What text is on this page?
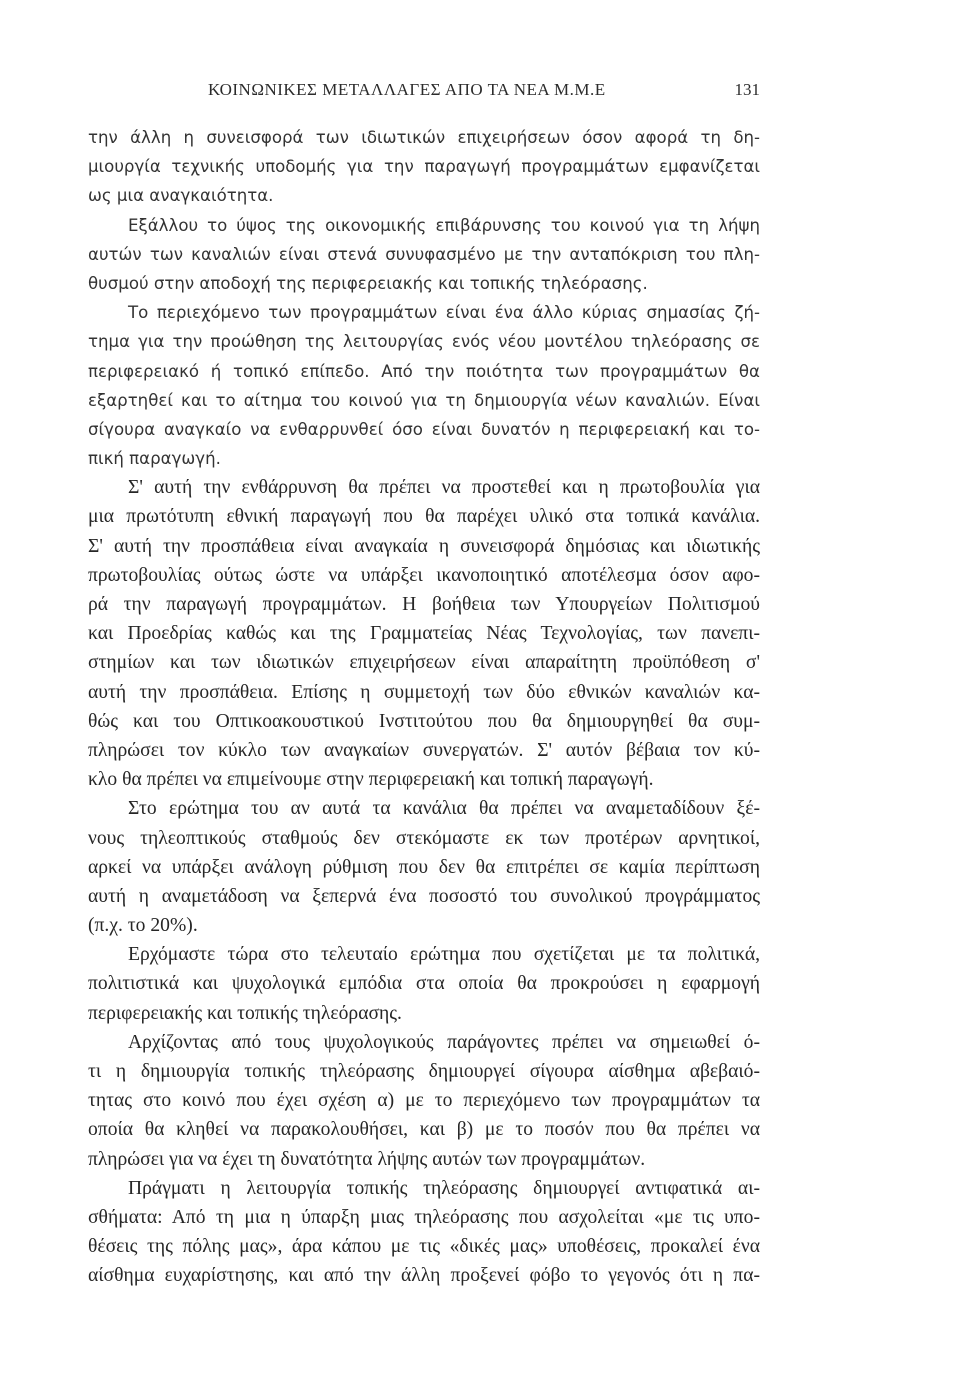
ΚΟΙΝΩΝΙΚΕΣ ΜΕΤΑΛΛΑΓΕΣ ΑΠΟ ΤΑ ΝΕΑ Μ.Μ.Ε	131
την άλλη η συνεισφορά των ιδιωτικών επιχειρήσεων όσον αφορά τη δη-
μιουργία τεχνικής υποδομής για την παραγωγή προγραμμάτων εμφανίζεται
ως μια αναγκαιότητα.
Εξάλλου το ύψος της οικονομικής επιβάρυνσης του κοινού για τη λήψη
αυτών των καναλιών είναι στενά συνυφασμένο με την ανταπόκριση του πλη-
θυσμού στην αποδοχή της περιφερειακής και τοπικής τηλεόρασης.
Το περιεχόμενο των προγραμμάτων είναι ένα άλλο κύριας σημασίας ζή-
τημα για την προώθηση της λειτουργίας ενός νέου μοντέλου τηλεόρασης σε
περιφερειακό ή τοπικό επίπεδο. Από την ποιότητα των προγραμμάτων θα
εξαρτηθεί και το αίτημα του κοινού για τη δημιουργία νέων καναλιών. Είναι
σίγουρα αναγκαίο να ενθαρρυνθεί όσο είναι δυνατόν η περιφερειακή και το-
πική παραγωγή.
Σ' αυτή την ενθάρρυνση θα πρέπει να προστεθεί και η πρωτοβουλία για
μια πρωτότυπη εθνική παραγωγή που θα παρέχει υλικό στα τοπικά κανάλια.
Σ' αυτή την προσπάθεια είναι αναγκαία η συνεισφορά δημόσιας και ιδιωτικής
πρωτοβουλίας ούτως ώστε να υπάρξει ικανοποιητικό αποτέλεσμα όσον αφο-
ρά την παραγωγή προγραμμάτων. Η βοήθεια των Υπουργείων Πολιτισμού
και Προεδρίας καθώς και της Γραμματείας Νέας Τεχνολογίας, των πανεπι-
στημίων και των ιδιωτικών επιχειρήσεων είναι απαραίτητη προϋπόθεση σ'
αυτή την προσπάθεια. Επίσης η συμμετοχή των δύο εθνικών καναλιών κα-
θώς και του Οπτικοακουστικού Ινστιτούτου που θα δημιουργηθεί θα συμ-
πληρώσει τον κύκλο των αναγκαίων συνεργατών. Σ' αυτόν βέβαια τον κύ-
κλο θα πρέπει να επιμείνουμε στην περιφερειακή και τοπική παραγωγή.
Στο ερώτημα του αν αυτά τα κανάλια θα πρέπει να αναμεταδίδουν ξέ-
νους τηλεοπτικούς σταθμούς δεν στεκόμαστε εκ των προτέρων αρνητικοί,
αρκεί να υπάρξει ανάλογη ρύθμιση που δεν θα επιτρέπει σε καμία περίπτωση
αυτή η αναμετάδοση να ξεπερνά ένα ποσοστό του συνολικού προγράμματος
(π.χ. το 20%).
Ερχόμαστε τώρα στο τελευταίο ερώτημα που σχετίζεται με τα πολιτικά,
πολιτιστικά και ψυχολογικά εμπόδια στα οποία θα προκρούσει η εφαρμογή
περιφερειακής και τοπικής τηλεόρασης.
Αρχίζοντας από τους ψυχολογικούς παράγοντες πρέπει να σημειωθεί ό-
τι η δημιουργία τοπικής τηλεόρασης δημιουργεί σίγουρα αίσθημα αβεβαιό-
τητας στο κοινό που έχει σχέση α) με το περιεχόμενο των προγραμμάτων τα
οποία θα κληθεί να παρακολουθήσει, και β) με το ποσόν που θα πρέπει να
πληρώσει για να έχει τη δυνατότητα λήψης αυτών των προγραμμάτων.
Πράγματι η λειτουργία τοπικής τηλεόρασης δημιουργεί αντιφατικά αι-
σθήματα: Από τη μια η ύπαρξη μιας τηλεόρασης που ασχολείται «με τις υπο-
θέσεις της πόλης μας», άρα κάπου με τις «δικές μας» υποθέσεις, προκαλεί ένα
αίσθημα ευχαρίστησης, και από την άλλη προξενεί φόβο το γεγονός ότι η πα-
